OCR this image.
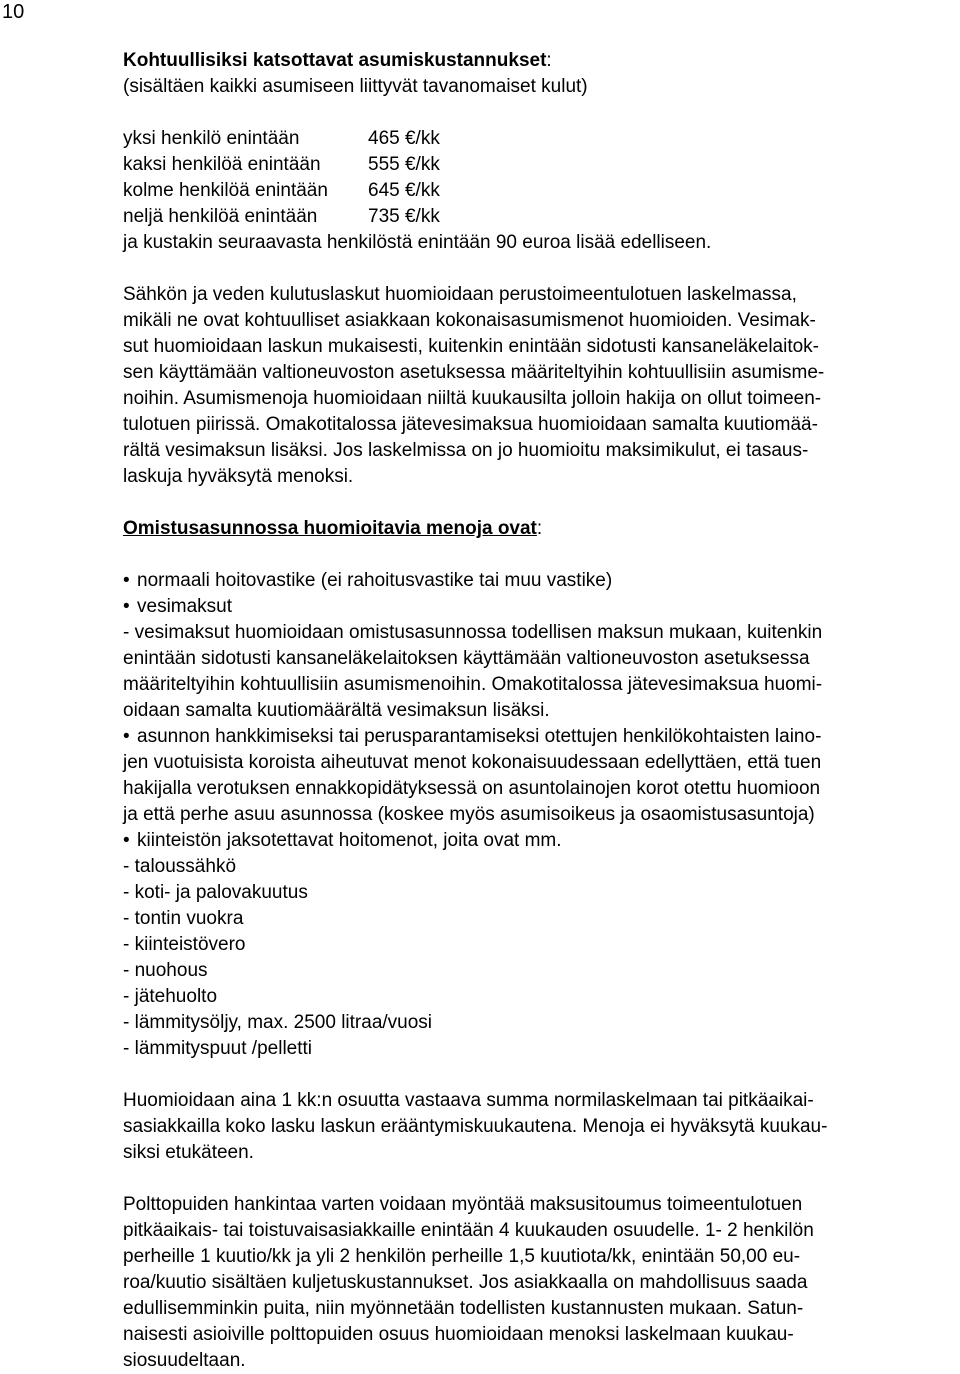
10
Kohtuullisiksi katsottavat asumiskustannukset:
(sisältäen kaikki asumiseen liittyvät tavanomaiset kulut)
yksi henkilö enintään	465 €/kk
kaksi henkilöä enintään	555 €/kk
kolme henkilöä enintään	645 €/kk
neljä henkilöä enintään	735 €/kk
ja kustakin seuraavasta henkilöstä enintään 90 euroa lisää edelliseen.
Sähkön ja veden kulutuslaskut huomioidaan perustoimeentulotuen laskelmassa,
mikäli ne ovat kohtuulliset asiakkaan kokonaisasumismenot huomioiden. Vesimak-
sut huomioidaan laskun mukaisesti, kuitenkin enintään sidotusti kansaneläkelaitok-
sen käyttämään valtioneuvoston asetuksessa määriteltyihin kohtuullisiin asumisme-
noihin. Asumismenoja huomioidaan niiltä kuukausilta jolloin hakija on ollut toimeen-
tulotuen piirissä. Omakotitalossa jätevesimaksua huomioidaan samalta kuutiomää-
rältä vesimaksun lisäksi. Jos laskelmissa on jo huomioitu maksimikulut, ei tasaus-
laskuja hyväksytä menoksi.
Omistusasunnossa huomioitavia menoja ovat:
• normaali hoitovastike (ei rahoitusvastike tai muu vastike)
• vesimaksut
- vesimaksut huomioidaan omistusasunnossa todellisen maksun mukaan, kuitenkin
enintään sidotusti kansaneläkelaitoksen käyttämään valtioneuvoston asetuksessa
määriteltyihin kohtuullisiin asumismenoihin. Omakotitalossa jätevesimaksua huomi-
oidaan samalta kuutiomäärältä vesimaksun lisäksi.
• asunnon hankkimiseksi tai perusparantamiseksi otettujen henkilökohtaisten laino-
jen vuotuisista koroista aiheutuvat menot kokonaisuudessaan edellyttäen, että tuen
hakijalla verotuksen ennakkopidätyksessä on asuntolainojen korot otettu huomioon
ja että perhe asuu asunnossa (koskee myös asumisoikeus ja osaomistusasuntoja)
• kiinteistön jaksotettavat hoitomenot, joita ovat mm.
- taloussähkö
- koti- ja palovakuutus
- tontin vuokra
- kiinteistövero
- nuohous
- jätehuolto
- lämmitysöljy, max. 2500 litraa/vuosi
- lämmityspuut /pelletti
Huomioidaan aina 1 kk:n osuutta vastaava summa normilaskelmaan tai pitkäaikai-
sasiakkailla koko lasku laskun erääntymiskuukautena. Menoja ei hyväksytä kuukau-
siksi etukäteen.
Polttopuiden hankintaa varten voidaan myöntää maksusitoumus toimeentulotuen
pitkäaikais- tai toistuvaisasiakkaille enintään 4 kuukauden osuudelle. 1- 2 henkilön
perheille 1 kuutio/kk ja yli 2 henkilön perheille 1,5 kuutiota/kk, enintään 50,00 eu-
roa/kuutio sisältäen kuljetuskustannukset. Jos asiakkaalla on mahdollisuus saada
edullisemminkin puita, niin myönnetään todellisten kustannusten mukaan. Satun-
naisesti asioiville polttopuiden osuus huomioidaan menoksi laskelmaan kuukau-
siosuudeltaan.
